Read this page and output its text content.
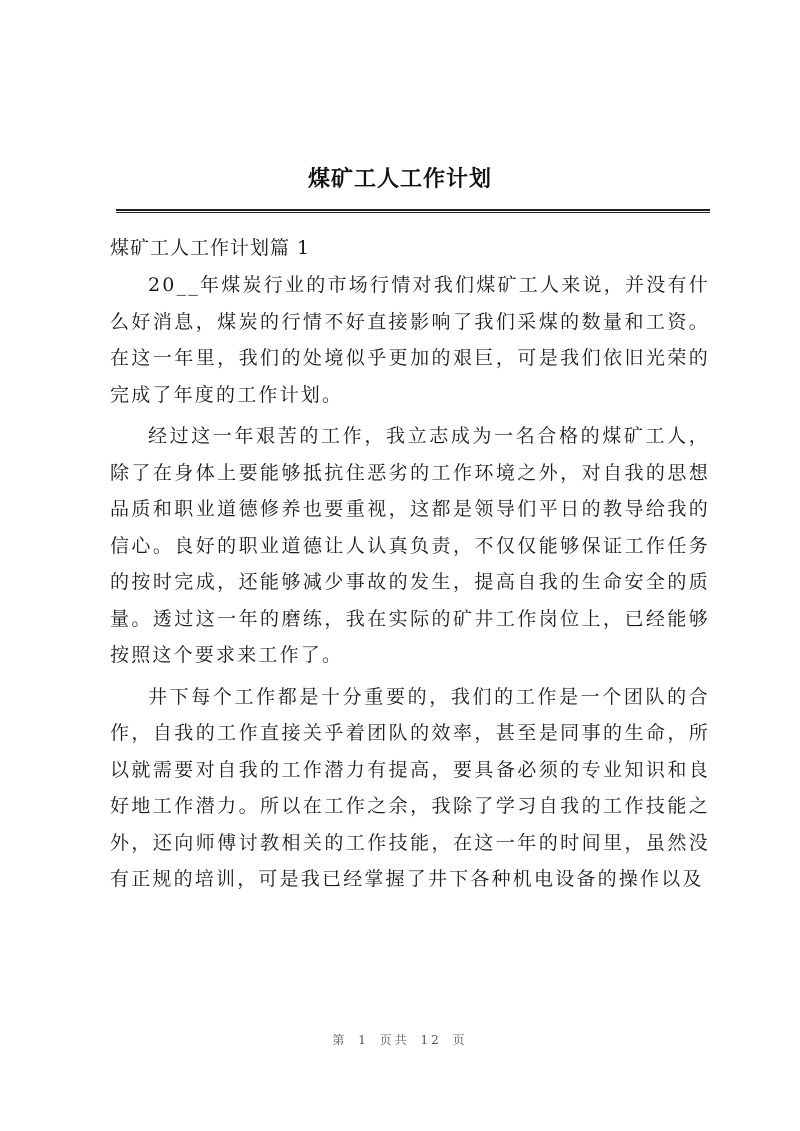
煤矿工人工作计划

煤矿工人工作计划篇 1

20__年煤炭行业的市场行情对我们煤矿工人来说，并没有什么好消息，煤炭的行情不好直接影响了我们采煤的数量和工资。在这一年里，我们的处境似乎更加的艰巨，可是我们依旧光荣的完成了年度的工作计划。

经过这一年艰苦的工作，我立志成为一名合格的煤矿工人，除了在身体上要能够抵抗住恶劣的工作环境之外，对自我的思想品质和职业道德修养也要重视，这都是领导们平日的教导给我的信心。良好的职业道德让人认真负责，不仅仅能够保证工作任务的按时完成，还能够减少事故的发生，提高自我的生命安全的质量。透过这一年的磨练，我在实际的矿井工作岗位上，已经能够按照这个要求来工作了。

井下每个工作都是十分重要的，我们的工作是一个团队的合作，自我的工作直接关乎着团队的效率，甚至是同事的生命，所以就需要对自我的工作潜力有提高，要具备必须的专业知识和良好地工作潜力。所以在工作之余，我除了学习自我的工作技能之外，还向师傅讨教相关的工作技能，在这一年的时间里，虽然没有正规的培训，可是我已经掌握了井下各种机电设备的操作以及

第 1 页共 12 页
